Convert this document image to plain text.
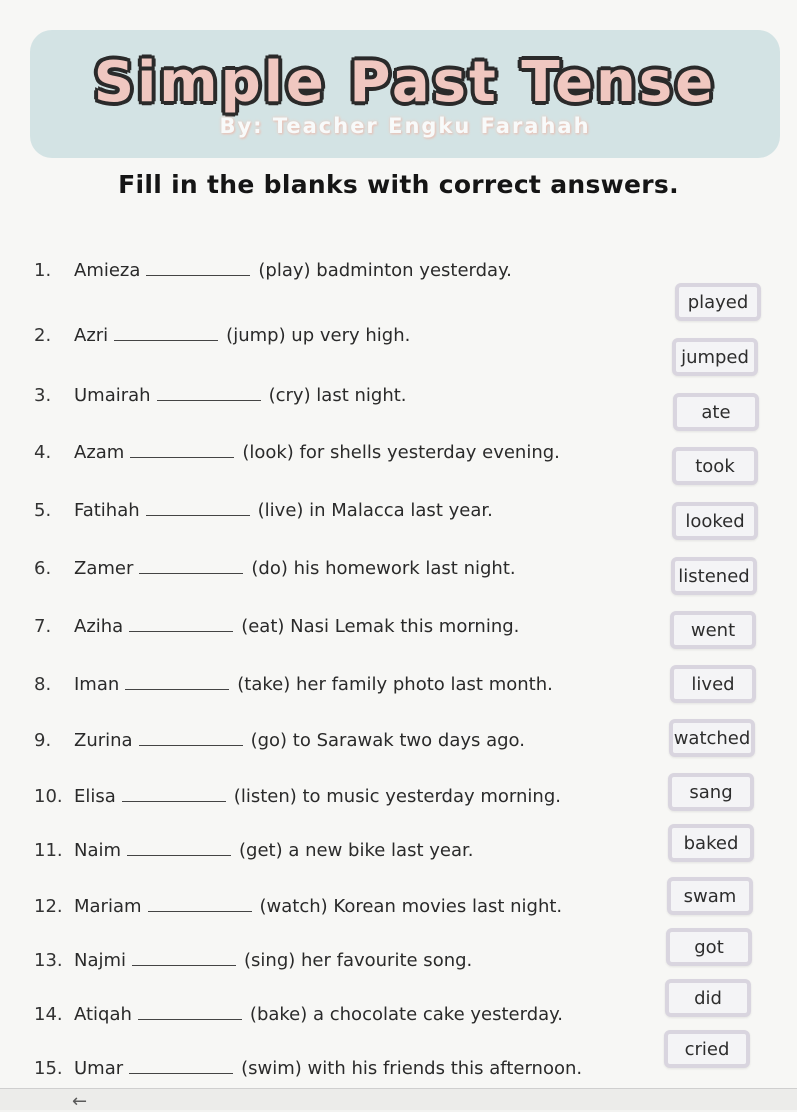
Simple Past Tense
By: Teacher Engku Farahah
Fill in the blanks with correct answers.
1. Amieza	(play) badminton yesterday.
2. Azri	(jump) up very high.
3. Umairah	(cry) last night.
4. Azam	(look) for shells yesterday evening.
5. Fatihah	(live) in Malacca last year.
6. Zamer	(do) his homework last night.
7. Aziha	(eat) Nasi Lemak this morning.
8. Iman	(take) her family photo last month.
9. Zurina	(go) to Sarawak two days ago.
10. Elisa	(listen) to music yesterday morning.
11. Naim	(get) a new bike last year.
12. Mariam	(watch) Korean movies last night.
13. Najmi	(sing) her favourite song.
14. Atiqah	(bake) a chocolate cake yesterday.
15. Umar	(swim) with his friends this afternoon.
played
jumped
ate
took
looked
listened
went
lived
watched
sang
baked
swam
got
did
cried
←
